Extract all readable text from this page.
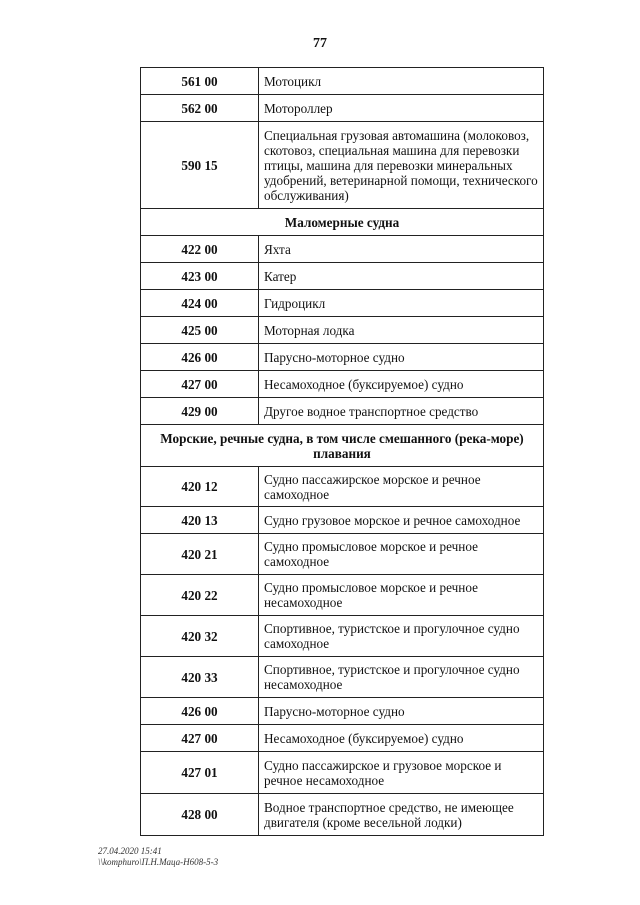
77
561 00	Мотоцикл
562 00	Мотороллер
590 15	Специальная грузовая автомашина (молоковоз, скотовоз, специальная машина для перевозки птицы, машина для перевозки минеральных удобрений, ветеринарной помощи, технического обслуживания)
Маломерные судна	
422 00	Яхта
423 00	Катер
424 00	Гидроцикл
425 00	Моторная лодка
426 00	Парусно-моторное судно
427 00	Несамоходное (буксируемое) судно
429 00	Другое водное транспортное средство
Морские, речные судна, в том числе смешанного (река-море) плавания	
420 12	Судно пассажирское морское и речное самоходное
420 13	Судно грузовое морское и речное самоходное
420 21	Судно промысловое морское и речное самоходное
420 22	Судно промысловое морское и речное несамоходное
420 32	Спортивное, туристское и прогулочное судно самоходное
420 33	Спортивное, туристское и прогулочное судно несамоходное
426 00	Парусно-моторное судно
427 00	Несамоходное (буксируемое) судно
427 01	Судно пассажирское и грузовое морское и речное несамоходное
428 00	Водное транспортное средство, не имеющее двигателя (кроме весельной лодки)
27.04.2020 15:41
\\komphuro\П.Н.Маца-Н608-5-3
